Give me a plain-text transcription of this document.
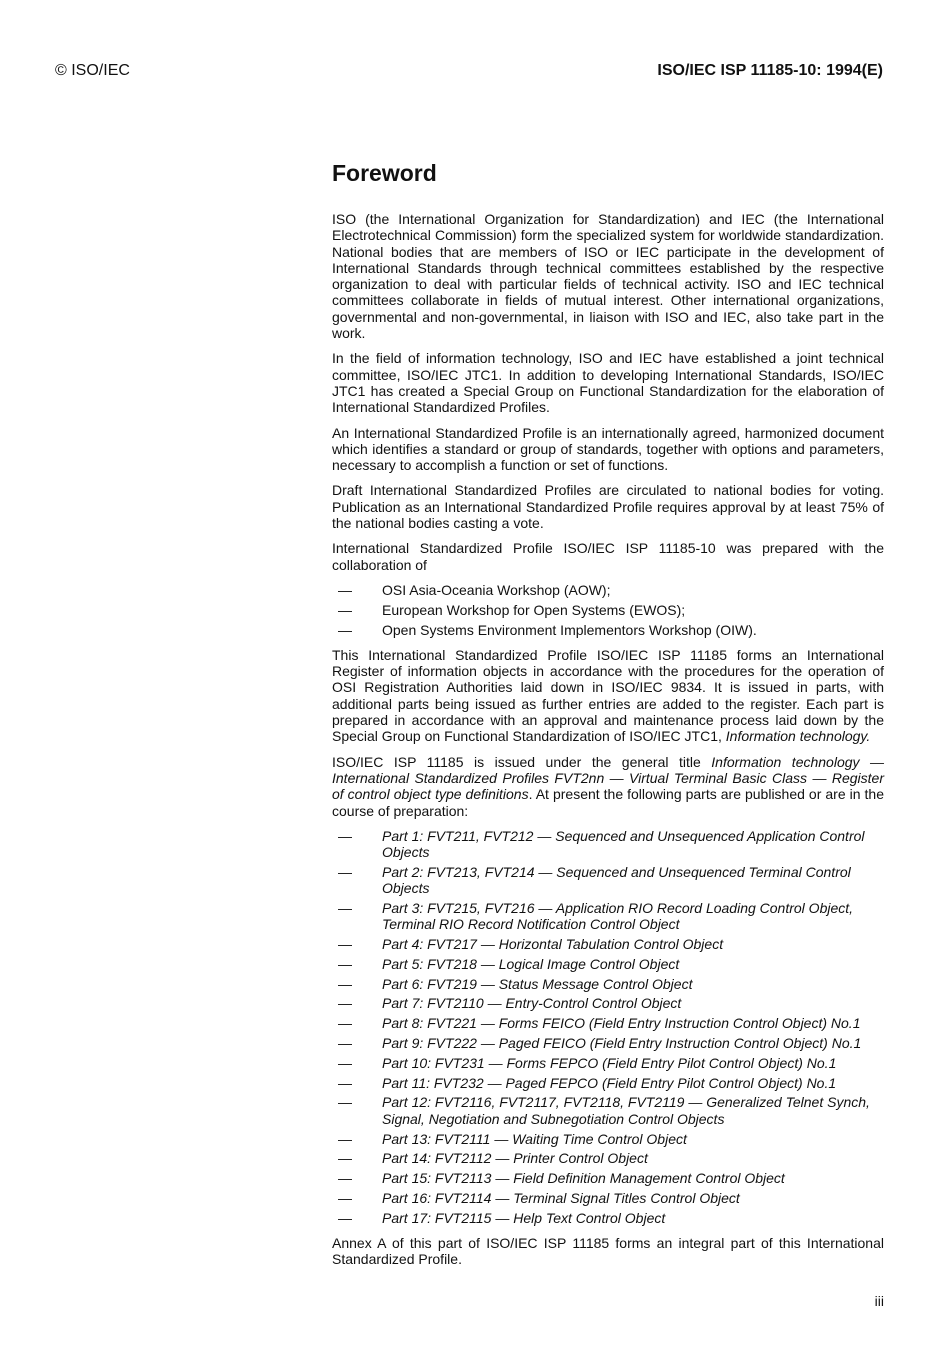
© ISO/IEC	ISO/IEC ISP 11185-10: 1994(E)
Foreword

ISO (the International Organization for Standardization) and IEC (the International Electrotechnical Commission) form the specialized system for worldwide standardization. National bodies that are members of ISO or IEC participate in the development of International Standards through technical committees established by the respective organization to deal with particular fields of technical activity. ISO and IEC technical committees collaborate in fields of mutual interest. Other international organizations, governmental and non-governmental, in liaison with ISO and IEC, also take part in the work.

In the field of information technology, ISO and IEC have established a joint technical committee, ISO/IEC JTC1. In addition to developing International Standards, ISO/IEC JTC1 has created a Special Group on Functional Standardization for the elaboration of International Standardized Profiles.

An International Standardized Profile is an internationally agreed, harmonized document which identifies a standard or group of standards, together with options and parameters, necessary to accomplish a function or set of functions.

Draft International Standardized Profiles are circulated to national bodies for voting. Publication as an International Standardized Profile requires approval by at least 75% of the national bodies casting a vote.

International Standardized Profile ISO/IEC ISP 11185-10 was prepared with the collaboration of

— OSI Asia-Oceania Workshop (AOW);
— European Workshop for Open Systems (EWOS);
— Open Systems Environment Implementors Workshop (OIW).

This International Standardized Profile ISO/IEC ISP 11185 forms an International Register of information objects in accordance with the procedures for the operation of OSI Registration Authorities laid down in ISO/IEC 9834. It is issued in parts, with additional parts being issued as further entries are added to the register. Each part is prepared in accordance with an approval and maintenance process laid down by the Special Group on Functional Standardization of ISO/IEC JTC1, Information technology.

ISO/IEC ISP 11185 is issued under the general title Information technology — International Standardized Profiles FVT2nn — Virtual Terminal Basic Class — Register of control object type definitions. At present the following parts are published or are in the course of preparation:

— Part 1: FVT211, FVT212 — Sequenced and Unsequenced Application Control Objects
— Part 2: FVT213, FVT214 — Sequenced and Unsequenced Terminal Control Objects
— Part 3: FVT215, FVT216 — Application RIO Record Loading Control Object, Terminal RIO Record Notification Control Object
— Part 4: FVT217 — Horizontal Tabulation Control Object
— Part 5: FVT218 — Logical Image Control Object
— Part 6: FVT219 — Status Message Control Object
— Part 7: FVT2110 — Entry-Control Control Object
— Part 8: FVT221 — Forms FEICO (Field Entry Instruction Control Object) No.1
— Part 9: FVT222 — Paged FEICO (Field Entry Instruction Control Object) No.1
— Part 10: FVT231 — Forms FEPCO (Field Entry Pilot Control Object) No.1
— Part 11: FVT232 — Paged FEPCO (Field Entry Pilot Control Object) No.1
— Part 12: FVT2116, FVT2117, FVT2118, FVT2119 — Generalized Telnet Synch, Signal, Negotiation and Subnegotiation Control Objects
— Part 13: FVT2111 — Waiting Time Control Object
— Part 14: FVT2112 — Printer Control Object
— Part 15: FVT2113 — Field Definition Management Control Object
— Part 16: FVT2114 — Terminal Signal Titles Control Object
— Part 17: FVT2115 — Help Text Control Object

Annex A of this part of ISO/IEC ISP 11185 forms an integral part of this International Standardized Profile.

iii
